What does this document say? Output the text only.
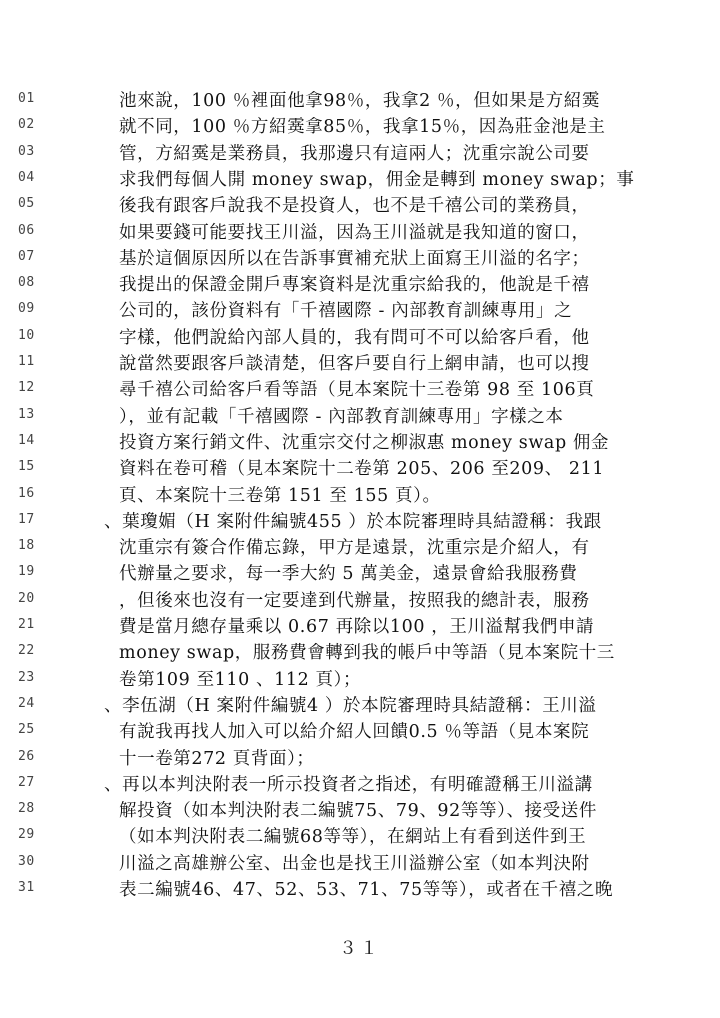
01	池來說，100 ％裡面他拿98％，我拿2 ％，但如果是方紹霙
02	就不同，100 ％方紹霙拿85％，我拿15％，因為莊金池是主
03	管，方紹霙是業務員，我那邊只有這兩人；沈重宗說公司要
04	求我們每個人開 money swap，佣金是轉到 money swap；事
05	後我有跟客戶說我不是投資人，也不是千禧公司的業務員，
06	如果要錢可能要找王川溢，因為王川溢就是我知道的窗口，
07	基於這個原因所以在告訴事實補充狀上面寫王川溢的名字；
08	我提出的保證金開戶專案資料是沈重宗給我的，他說是千禧
09	公司的，該份資料有「千禧國際 - 內部教育訓練專用」之
10	字樣，他們說給內部人員的，我有問可不可以給客戶看，他
11	說當然要跟客戶談清楚，但客戶要自行上網申請，也可以搜
12	尋千禧公司給客戶看等語（見本案院十三卷第 98 至 106頁
13	），並有記載「千禧國際 - 內部教育訓練專用」字樣之本
14	投資方案行銷文件、沈重宗交付之柳淑惠 money swap 佣金
15	資料在卷可稽（見本案院十二卷第 205、206 至209、 211
16	頁、本案院十三卷第 151 至 155 頁）。
17	、葉瓊媚（H 案附件編號455 ）於本院審理時具結證稱：我跟
18	沈重宗有簽合作備忘錄，甲方是遠景，沈重宗是介紹人，有
19	代辦量之要求，每一季大約 5 萬美金，遠景會給我服務費
20	，但後來也沒有一定要達到代辦量，按照我的總計表，服務
21	費是當月總存量乘以 0.67 再除以100 ，王川溢幫我們申請
22	money swap，服務費會轉到我的帳戶中等語（見本案院十三
23	卷第109 至110 、112 頁）；
24	、李伍湖（H 案附件編號4 ）於本院審理時具結證稱：王川溢
25	有說我再找人加入可以給介紹人回饋0.5 ％等語（見本案院
26	十一卷第272 頁背面）；
27	、再以本判決附表一所示投資者之指述，有明確證稱王川溢講
28	解投資（如本判決附表二編號75、79、92等等）、接受送件
29	（如本判決附表二編號68等等），在網站上有看到送件到王
30	川溢之高雄辦公室、出金也是找王川溢辦公室（如本判決附
31	表二編號46、47、52、53、71、75等等），或者在千禧之晚
３１
